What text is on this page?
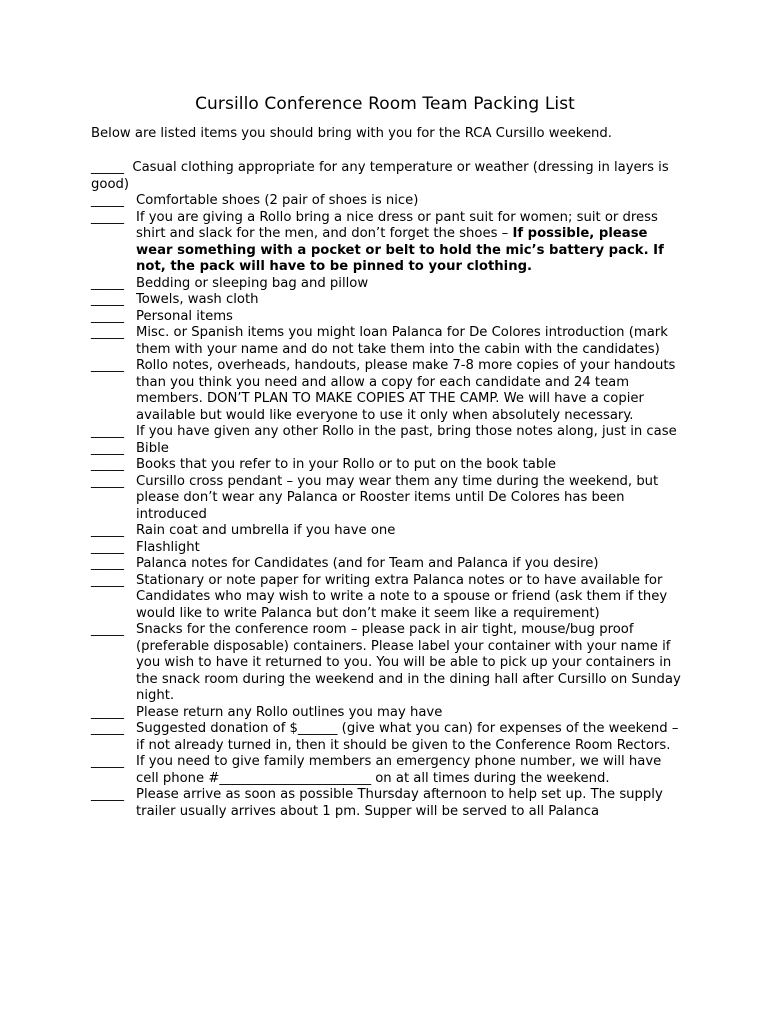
Cursillo Conference Room Team Packing List
Below are listed items you should bring with you for the RCA Cursillo weekend.
_____ Casual clothing appropriate for any temperature or weather (dressing in layers is good)
_____ Comfortable shoes (2 pair of shoes is nice)
_____ If you are giving a Rollo bring a nice dress or pant suit for women; suit or dress shirt and slack for the men, and don’t forget the shoes – If possible, please wear something with a pocket or belt to hold the mic’s battery pack. If not, the pack will have to be pinned to your clothing.
_____ Bedding or sleeping bag and pillow
_____ Towels, wash cloth
_____ Personal items
_____ Misc. or Spanish items you might loan Palanca for De Colores introduction (mark them with your name and do not take them into the cabin with the candidates)
_____ Rollo notes, overheads, handouts, please make 7-8 more copies of your handouts than you think you need and allow a copy for each candidate and 24 team members. DON’T PLAN TO MAKE COPIES AT THE CAMP. We will have a copier available but would like everyone to use it only when absolutely necessary.
_____ If you have given any other Rollo in the past, bring those notes along, just in case
_____ Bible
_____ Books that you refer to in your Rollo or to put on the book table
_____ Cursillo cross pendant – you may wear them any time during the weekend, but please don’t wear any Palanca or Rooster items until De Colores has been introduced
_____ Rain coat and umbrella if you have one
_____ Flashlight
_____ Palanca notes for Candidates (and for Team and Palanca if you desire)
_____ Stationary or note paper for writing extra Palanca notes or to have available for Candidates who may wish to write a note to a spouse or friend (ask them if they would like to write Palanca but don’t make it seem like a requirement)
_____ Snacks for the conference room – please pack in air tight, mouse/bug proof (preferable disposable) containers. Please label your container with your name if you wish to have it returned to you. You will be able to pick up your containers in the snack room during the weekend and in the dining hall after Cursillo on Sunday night.
_____ Please return any Rollo outlines you may have
_____ Suggested donation of $______ (give what you can) for expenses of the weekend – if not already turned in, then it should be given to the Conference Room Rectors.
_____ If you need to give family members an emergency phone number, we will have cell phone #_______________________ on at all times during the weekend.
_____ Please arrive as soon as possible Thursday afternoon to help set up. The supply trailer usually arrives about 1 pm. Supper will be served to all Palanca
